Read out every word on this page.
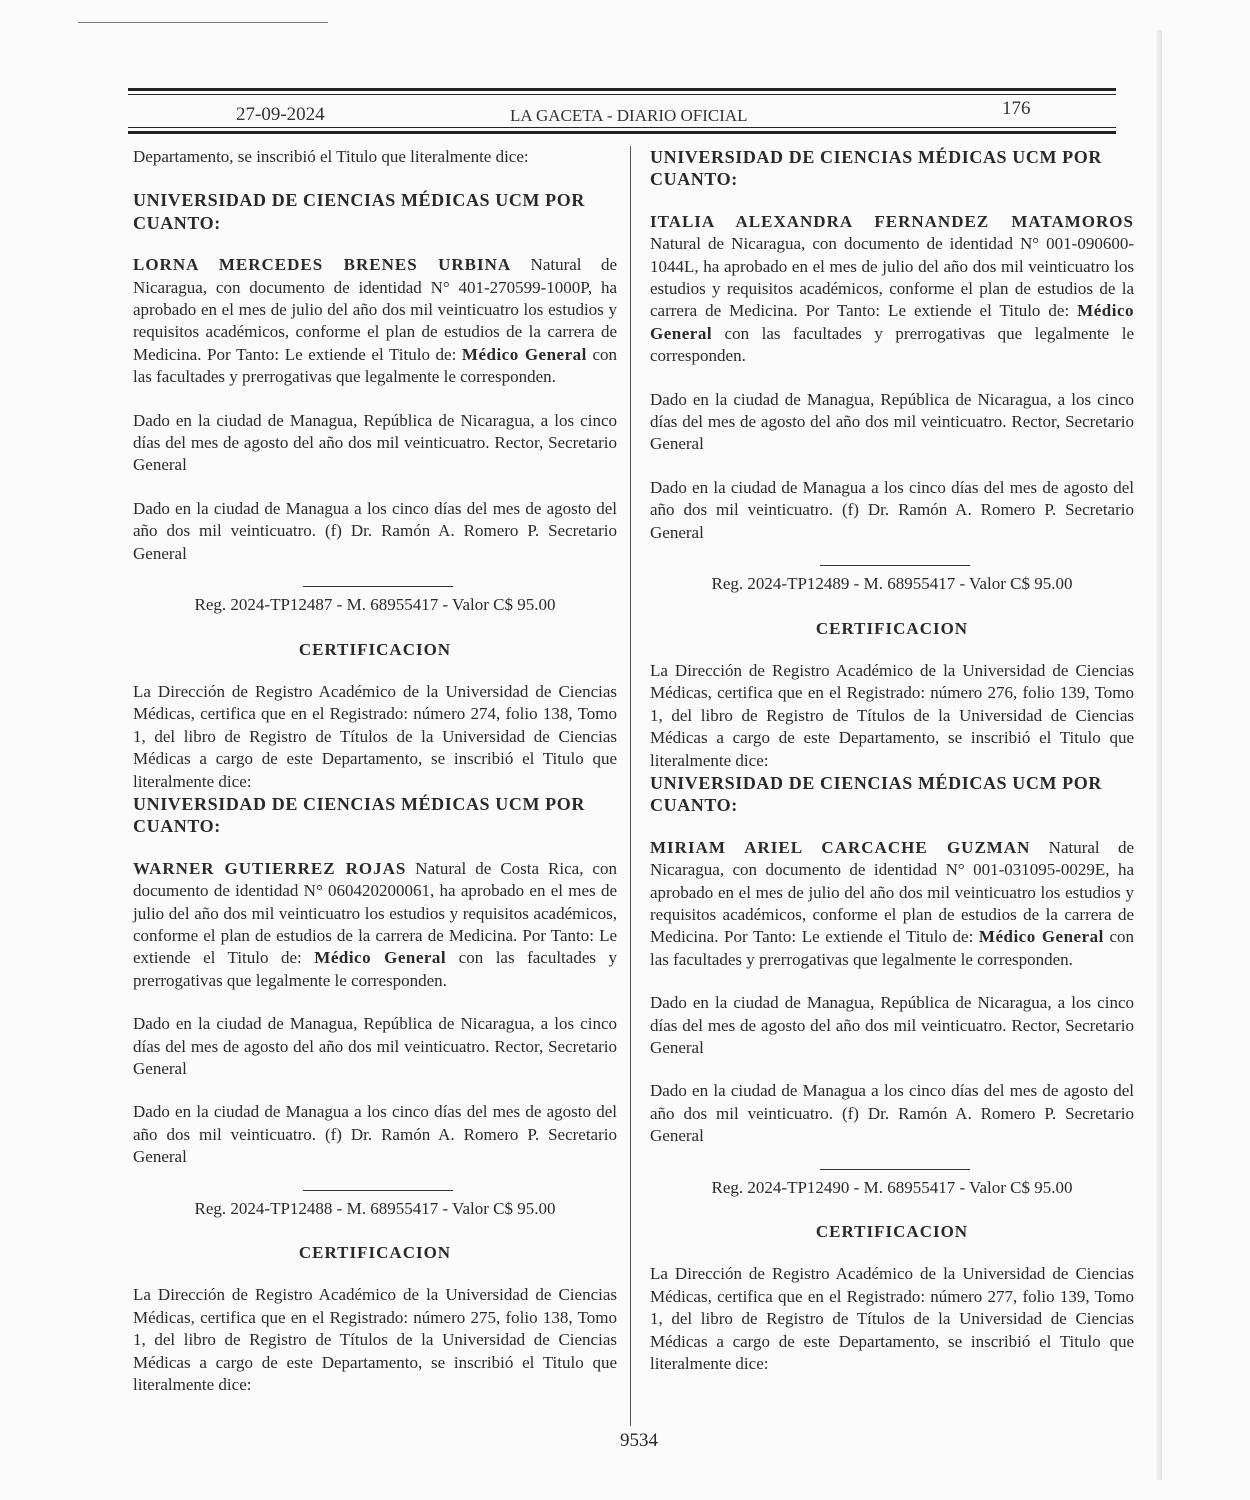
27-09-2024	LA GACETA - DIARIO OFICIAL	176

Departamento, se inscribió el Titulo que literalmente dice:

UNIVERSIDAD DE CIENCIAS MÉDICAS UCM POR CUANTO:

LORNA MERCEDES BRENES URBINA Natural de Nicaragua, con documento de identidad N° 401-270599-1000P, ha aprobado en el mes de julio del año dos mil veinticuatro los estudios y requisitos académicos, conforme el plan de estudios de la carrera de Medicina. Por Tanto: Le extiende el Titulo de: Médico General con las facultades y prerrogativas que legalmente le corresponden.

Dado en la ciudad de Managua, República de Nicaragua, a los cinco días del mes de agosto del año dos mil veinticuatro. Rector, Secretario General

Dado en la ciudad de Managua a los cinco días del mes de agosto del año dos mil veinticuatro. (f) Dr. Ramón A. Romero P. Secretario General

Reg. 2024-TP12487 - M. 68955417 - Valor C$ 95.00

CERTIFICACION

La Dirección de Registro Académico de la Universidad de Ciencias Médicas, certifica que en el Registrado: número 274, folio 138, Tomo 1, del libro de Registro de Títulos de la Universidad de Ciencias Médicas a cargo de este Departamento, se inscribió el Titulo que literalmente dice:

UNIVERSIDAD DE CIENCIAS MÉDICAS UCM POR CUANTO:

WARNER GUTIERREZ ROJAS Natural de Costa Rica, con documento de identidad N° 060420200061, ha aprobado en el mes de julio del año dos mil veinticuatro los estudios y requisitos académicos, conforme el plan de estudios de la carrera de Medicina. Por Tanto: Le extiende el Titulo de: Médico General con las facultades y prerrogativas que legalmente le corresponden.

Dado en la ciudad de Managua, República de Nicaragua, a los cinco días del mes de agosto del año dos mil veinticuatro. Rector, Secretario General

Dado en la ciudad de Managua a los cinco días del mes de agosto del año dos mil veinticuatro. (f) Dr. Ramón A. Romero P. Secretario General

Reg. 2024-TP12488 - M. 68955417 - Valor C$ 95.00

CERTIFICACION

La Dirección de Registro Académico de la Universidad de Ciencias Médicas, certifica que en el Registrado: número 275, folio 138, Tomo 1, del libro de Registro de Títulos de la Universidad de Ciencias Médicas a cargo de este Departamento, se inscribió el Titulo que literalmente dice:

UNIVERSIDAD DE CIENCIAS MÉDICAS UCM POR CUANTO:

ITALIA ALEXANDRA FERNANDEZ MATAMOROS Natural de Nicaragua, con documento de identidad N° 001-090600-1044L, ha aprobado en el mes de julio del año dos mil veinticuatro los estudios y requisitos académicos, conforme el plan de estudios de la carrera de Medicina. Por Tanto: Le extiende el Titulo de: Médico General con las facultades y prerrogativas que legalmente le corresponden.

Dado en la ciudad de Managua, República de Nicaragua, a los cinco días del mes de agosto del año dos mil veinticuatro. Rector, Secretario General

Dado en la ciudad de Managua a los cinco días del mes de agosto del año dos mil veinticuatro. (f) Dr. Ramón A. Romero P. Secretario General

Reg. 2024-TP12489 - M. 68955417 - Valor C$ 95.00

CERTIFICACION

La Dirección de Registro Académico de la Universidad de Ciencias Médicas, certifica que en el Registrado: número 276, folio 139, Tomo 1, del libro de Registro de Títulos de la Universidad de Ciencias Médicas a cargo de este Departamento, se inscribió el Titulo que literalmente dice:

UNIVERSIDAD DE CIENCIAS MÉDICAS UCM POR CUANTO:

MIRIAM ARIEL CARCACHE GUZMAN Natural de Nicaragua, con documento de identidad N° 001-031095-0029E, ha aprobado en el mes de julio del año dos mil veinticuatro los estudios y requisitos académicos, conforme el plan de estudios de la carrera de Medicina. Por Tanto: Le extiende el Titulo de: Médico General con las facultades y prerrogativas que legalmente le corresponden.

Dado en la ciudad de Managua, República de Nicaragua, a los cinco días del mes de agosto del año dos mil veinticuatro. Rector, Secretario General

Dado en la ciudad de Managua a los cinco días del mes de agosto del año dos mil veinticuatro. (f) Dr. Ramón A. Romero P. Secretario General

Reg. 2024-TP12490 - M. 68955417 - Valor C$ 95.00

CERTIFICACION

La Dirección de Registro Académico de la Universidad de Ciencias Médicas, certifica que en el Registrado: número 277, folio 139, Tomo 1, del libro de Registro de Títulos de la Universidad de Ciencias Médicas a cargo de este Departamento, se inscribió el Titulo que literalmente dice:

9534
